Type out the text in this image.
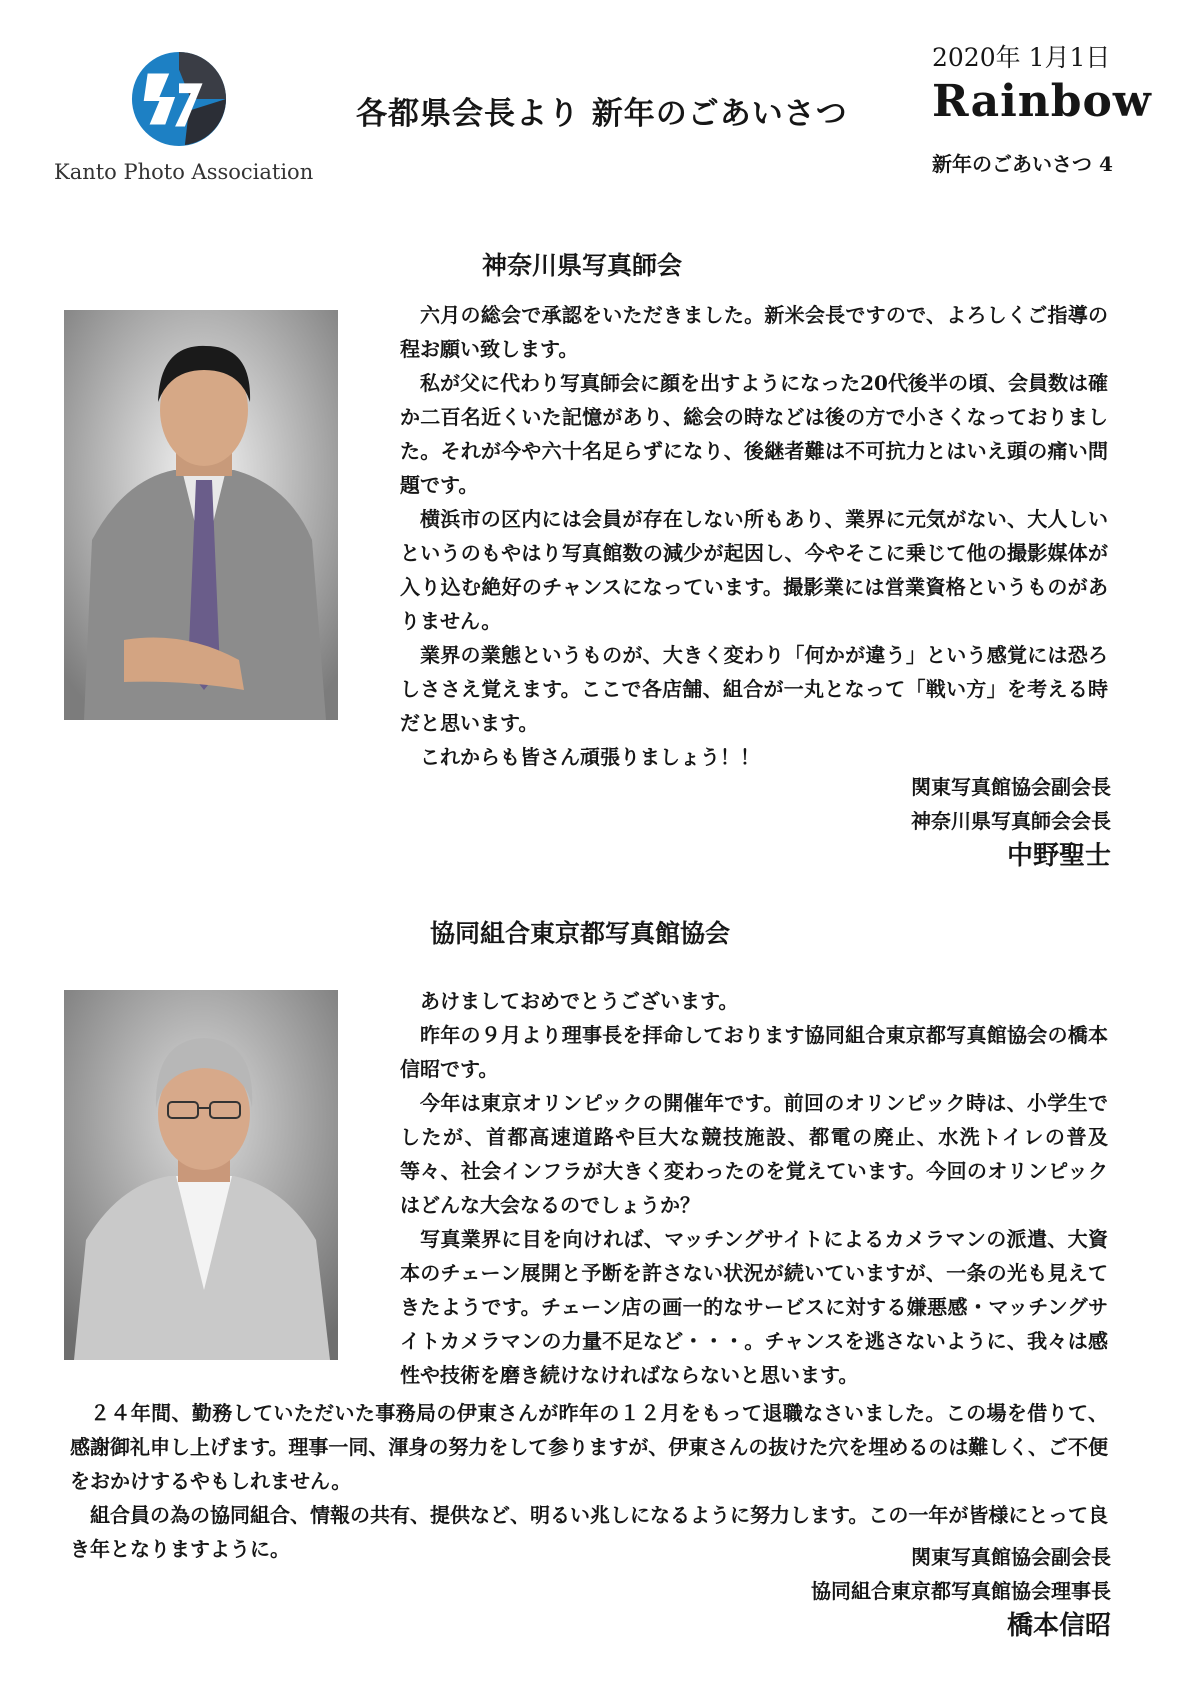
Kanto Photo Association
各都県会長より 新年のごあいさつ
2020年 1月1日
Rainbow
新年のごあいさつ 4
神奈川県写真師会

六月の総会で承認をいただきました。新米会長ですので、よろしくご指導の程お願い致します。

私が父に代わり写真師会に顔を出すようになった20代後半の頃、会員数は確か二百名近くいた記憶があり、総会の時などは後の方で小さくなっておりました。それが今や六十名足らずになり、後継者難は不可抗力とはいえ頭の痛い問題です。

横浜市の区内には会員が存在しない所もあり、業界に元気がない、大人しいというのもやはり写真館数の減少が起因し、今やそこに乗じて他の撮影媒体が入り込む絶好のチャンスになっています。撮影業には営業資格というものがありません。

業界の業態というものが、大きく変わり「何かが違う」という感覚には恐ろしささえ覚えます。ここで各店舗、組合が一丸となって「戦い方」を考える時だと思います。

これからも皆さん頑張りましょう！！

関東写真館協会副会長
神奈川県写真師会会長
中野聖士
協同組合東京都写真館協会

あけましておめでとうございます。

昨年の９月より理事長を拝命しております協同組合東京都写真館協会の橋本信昭です。

今年は東京オリンピックの開催年です。前回のオリンピック時は、小学生でしたが、首都高速道路や巨大な競技施設、都電の廃止、水洗トイレの普及等々、社会インフラが大きく変わったのを覚えています。今回のオリンピックはどんな大会なるのでしょうか？

写真業界に目を向ければ、マッチングサイトによるカメラマンの派遣、大資本のチェーン展開と予断を許さない状況が続いていますが、一条の光も見えてきたようです。チェーン店の画一的なサービスに対する嫌悪感・マッチングサイトカメラマンの力量不足など・・・。チャンスを逃さないように、我々は感性や技術を磨き続けなければならないと思います。

２４年間、勤務していただいた事務局の伊東さんが昨年の１２月をもって退職なさいました。この場を借りて、感謝御礼申し上げます。理事一同、渾身の努力をして参りますが、伊東さんの抜けた穴を埋めるのは難しく、ご不便をおかけするやもしれません。

組合員の為の協同組合、情報の共有、提供など、明るい兆しになるように努力します。この一年が皆様にとって良き年となりますように。	関東写真館協会副会長
協同組合東京都写真館協会理事長
橋本信昭
